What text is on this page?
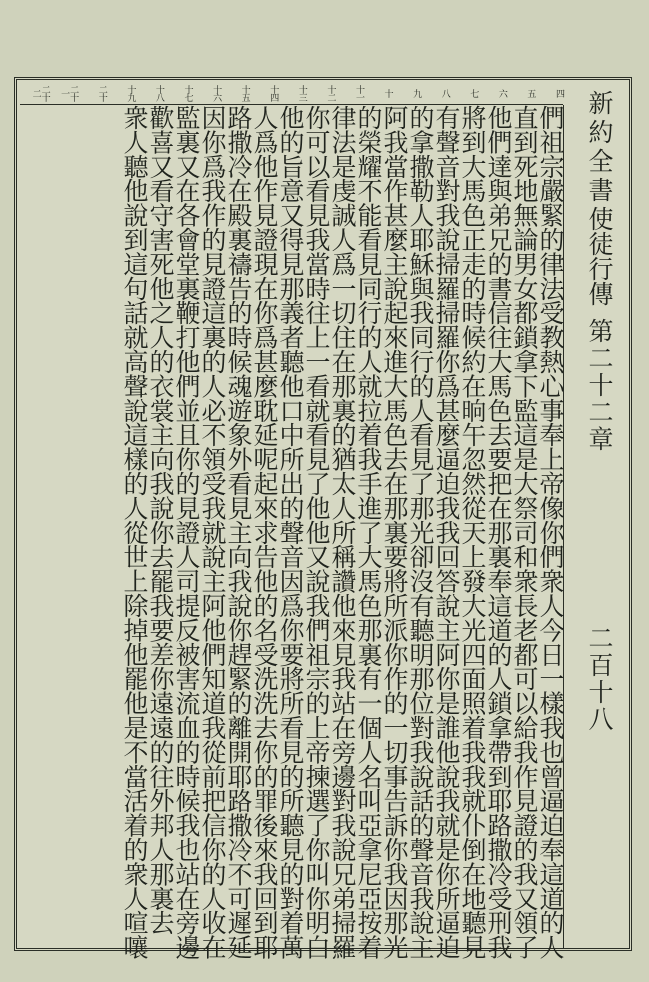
四
五
六
七
八
九
十
十一
十二
十三
十四
十五
十六
十七
十八
十九
二十
二十一
二十二
們祖宗嚴緊的律法受教熱心事奉上帝像你們衆人今日一樣我也曾逼迫奉這道的人
直到死地無論男女都鎖拿下監這是大祭司和衆長老都可以給我作見證的我又領了
他們達與弟兄的書信往大馬色去要把在那裏奉這道的人鎖拿帶到耶路撒冷受刑我
將到大馬色正走的時候約在晌午忽然從天上發大光四面照着我我就仆倒在地聽見
有聲音對我說掃羅掃羅你爲甚麼逼迫我我回答說主阿你是誰他說我就是你所逼迫
的拿撒勒人耶穌與我同行的人看見了那光卻沒有聽明那位對我說話的聲音我說主
阿我當作甚麼主說起來進大馬色去在那裏要將所派你作的一切事告訴你我因那光
的榮耀不能看見同行的人就拉着我手進了大馬色那裏有一個人名叫亞拿尼亞按着
律法是虔誠人爲一切住在那裏的猶太人所稱讚他來見我站在旁邊對我說兄弟掃羅
你可以看見我當時往上一看就看見了他他又說我們祖宗的上帝揀選了你叫你明白
他的旨意又得見那義者聽他口中所出的聲音因爲你要將所看見的所聽見的對着萬
人爲他作見證現在你爲甚麼耽延呢起來求告他的名受洗洗去你的罪後來我回到耶
路撒冷在殿裏禱告的時候魂遊象外看見主向我說你趕緊的離開耶路撒冷不可遲延
因你爲我作的見證這裏的人必不領受我就說主阿他們知道我從前把信你的人收在
監裏又在各會堂裏鞭打他們並且你的見證人司提反被害流血的時候我也站在旁邊
歡喜又看守害死他之人的衣裳主向我說你去罷我要差你遠遠的往外邦人那裏去
衆人聽他說到這句話就高聲說這樣的人從世上除掉他罷他是不當活着的衆人喧嚷	新約全書
使徒行傳
第二十二章
二百十八
